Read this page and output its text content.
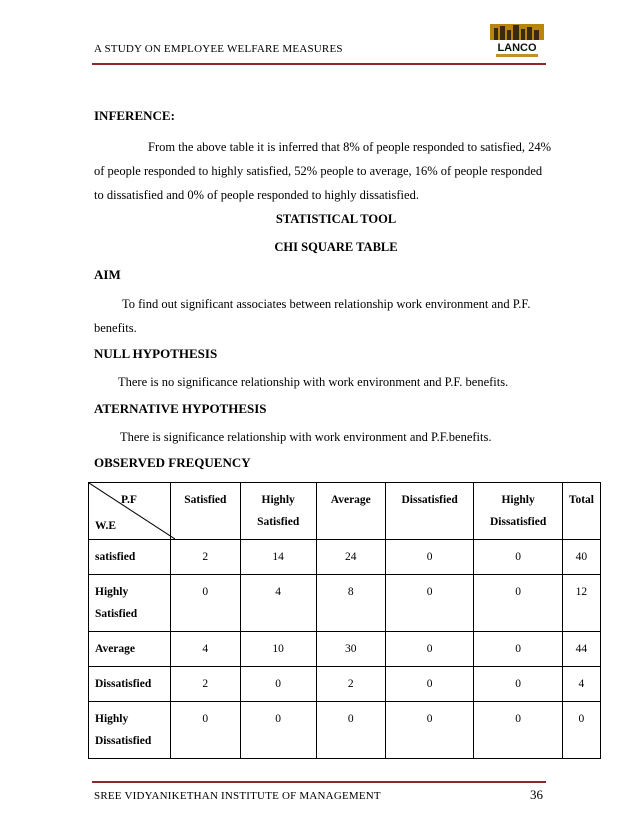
A STUDY ON EMPLOYEE WELFARE MEASURES	LANCO
INFERENCE:
From the above table it is inferred that 8% of people responded to satisfied, 24%
of people responded to highly satisfied, 52% people to average, 16% of people responded
to dissatisfied and 0% of people responded to highly dissatisfied.
STATISTICAL TOOL
CHI SQUARE TABLE
AIM
To find out significant associates between relationship work environment and P.F.
benefits.
NULL HYPOTHESIS
There is no significance relationship with work environment and P.F. benefits.
ATERNATIVE HYPOTHESIS
There is significance relationship with work environment and P.F.benefits.
OBSERVED FREQUENCY
P.F
W.E	Satisfied	Highly Satisfied	Average	Dissatisfied	Highly Dissatisfied	Total
satisfied	2	14	24	0	0	40
Highly Satisfied	0	4	8	0	0	12
Average	4	10	30	0	0	44
Dissatisfied	2	0	2	0	0	4
Highly Dissatisfied	0	0	0	0	0	0
SREE VIDYANIKETHAN INSTITUTE OF MANAGEMENT	36
